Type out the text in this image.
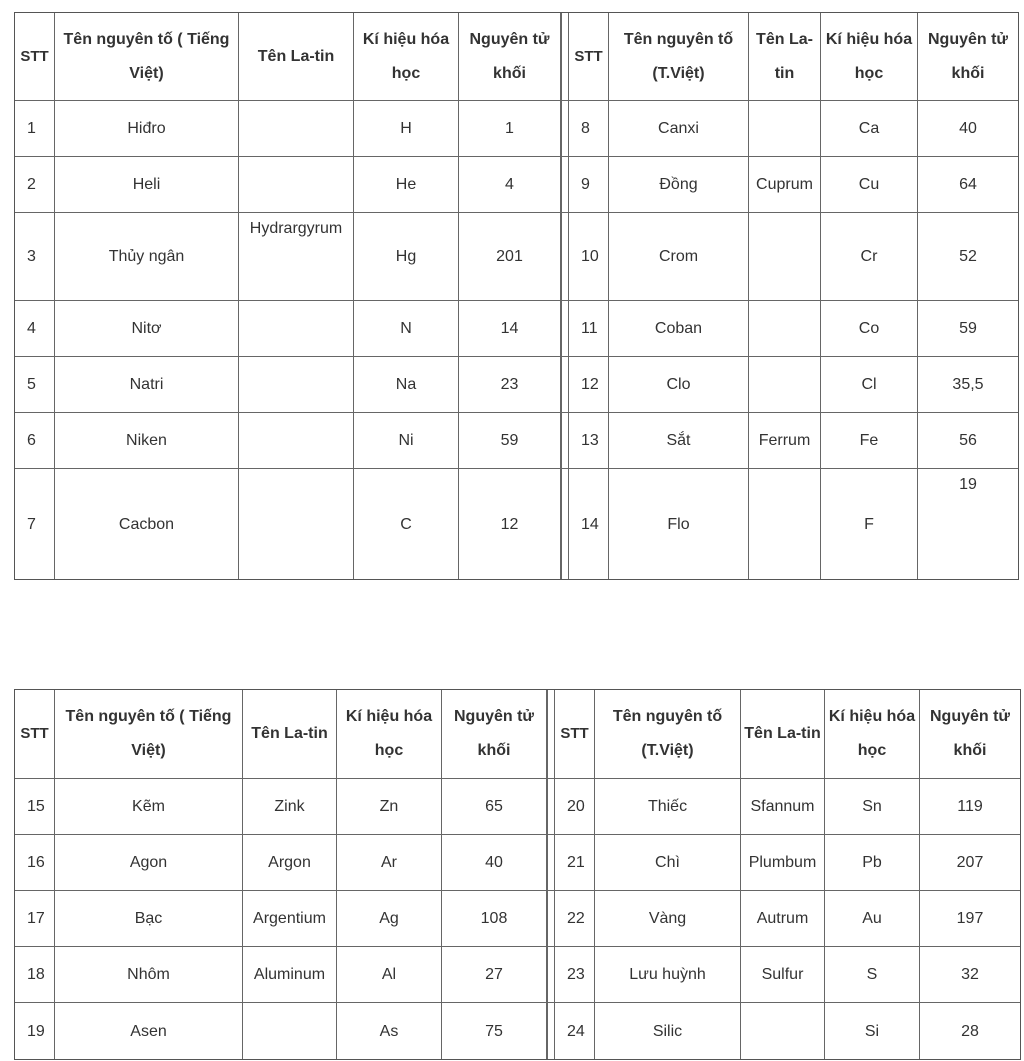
STT	Tên nguyên tố ( Tiếng Việt)	Tên La-tin	Kí hiệu hóa học	Nguyên tử khối		STT	Tên nguyên tố (T.Việt)	Tên La-tin	Kí hiệu hóa học	Nguyên tử khối
1	Hiđro		H	1		8	Canxi		Ca	40
2	Heli		He	4		9	Đồng	Cuprum	Cu	64
3	Thủy ngân	Hydrargyrum	Hg	201		10	Crom		Cr	52
4	Nitơ		N	14		11	Coban		Co	59
5	Natri		Na	23		12	Clo		Cl	35,5
6	Niken		Ni	59		13	Sắt	Ferrum	Fe	56
7	Cacbon		C	12		14	Flo		F	19
STT	Tên nguyên tố ( Tiếng Việt)	Tên La-tin	Kí hiệu hóa học	Nguyên tử khối		STT	Tên nguyên tố (T.Việt)	Tên La-tin	Kí hiệu hóa học	Nguyên tử khối
15	Kẽm	Zink	Zn	65		20	Thiếc	Sfannum	Sn	119
16	Agon	Argon	Ar	40		21	Chì	Plumbum	Pb	207
17	Bạc	Argentium	Ag	108		22	Vàng	Autrum	Au	197
18	Nhôm	Aluminum	Al	27		23	Lưu huỳnh	Sulfur	S	32
19	Asen		As	75		24	Silic		Si	28
